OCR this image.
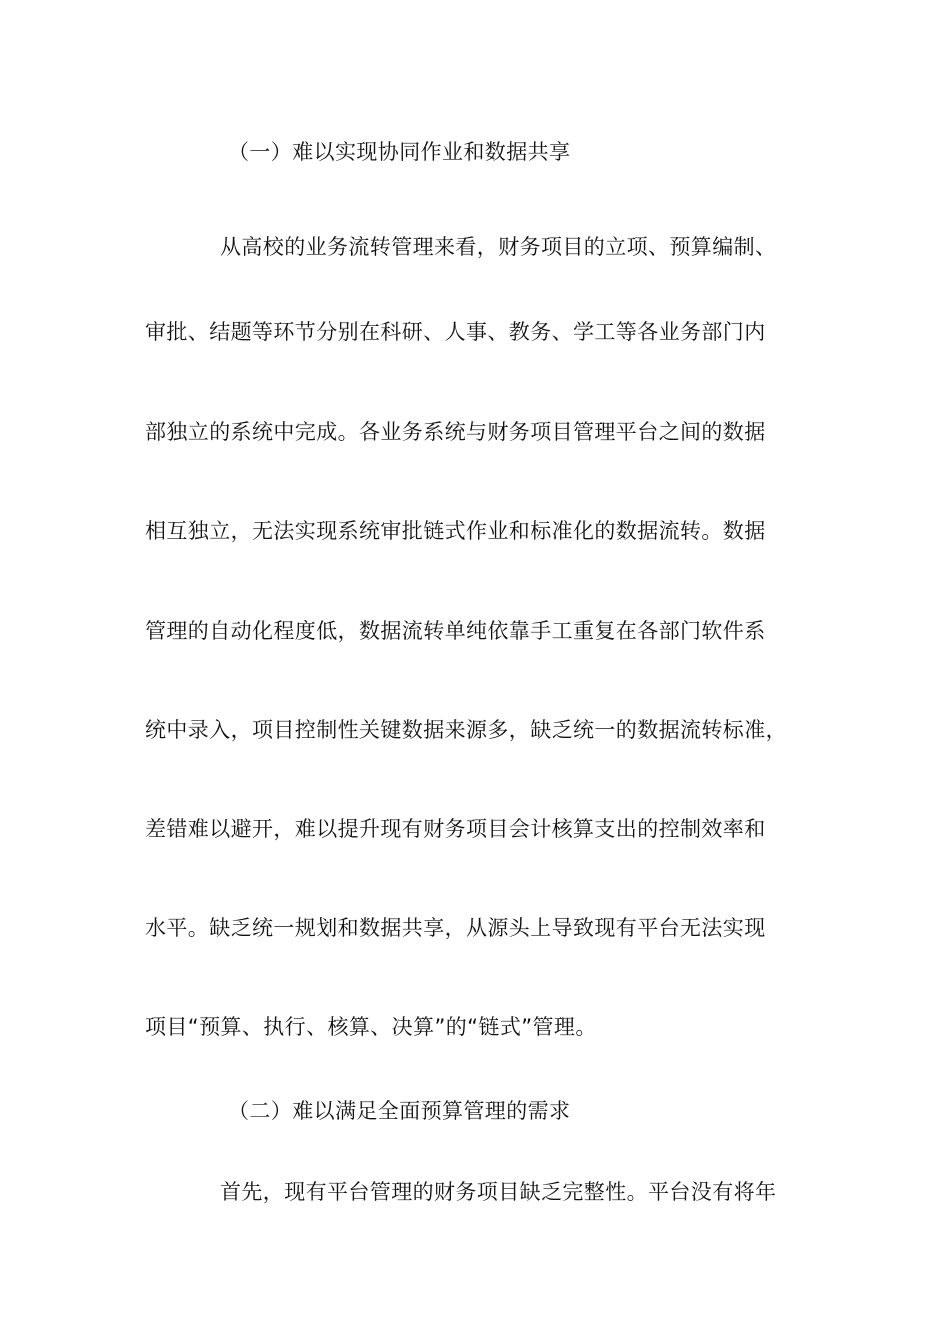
（一）难以实现协同作业和数据共享
从高校的业务流转管理来看，财务项目的立项、预算编制、
审批、结题等环节分别在科研、人事、教务、学工等各业务部门内
部独立的系统中完成。各业务系统与财务项目管理平台之间的数据
相互独立，无法实现系统审批链式作业和标准化的数据流转。数据
管理的自动化程度低，数据流转单纯依靠手工重复在各部门软件系
统中录入，项目控制性关键数据来源多，缺乏统一的数据流转标准，
差错难以避开，难以提升现有财务项目会计核算支出的控制效率和
水平。缺乏统一规划和数据共享，从源头上导致现有平台无法实现
项目“预算、执行、核算、决算”的“链式”管理。
（二）难以满足全面预算管理的需求
首先，现有平台管理的财务项目缺乏完整性。平台没有将年
